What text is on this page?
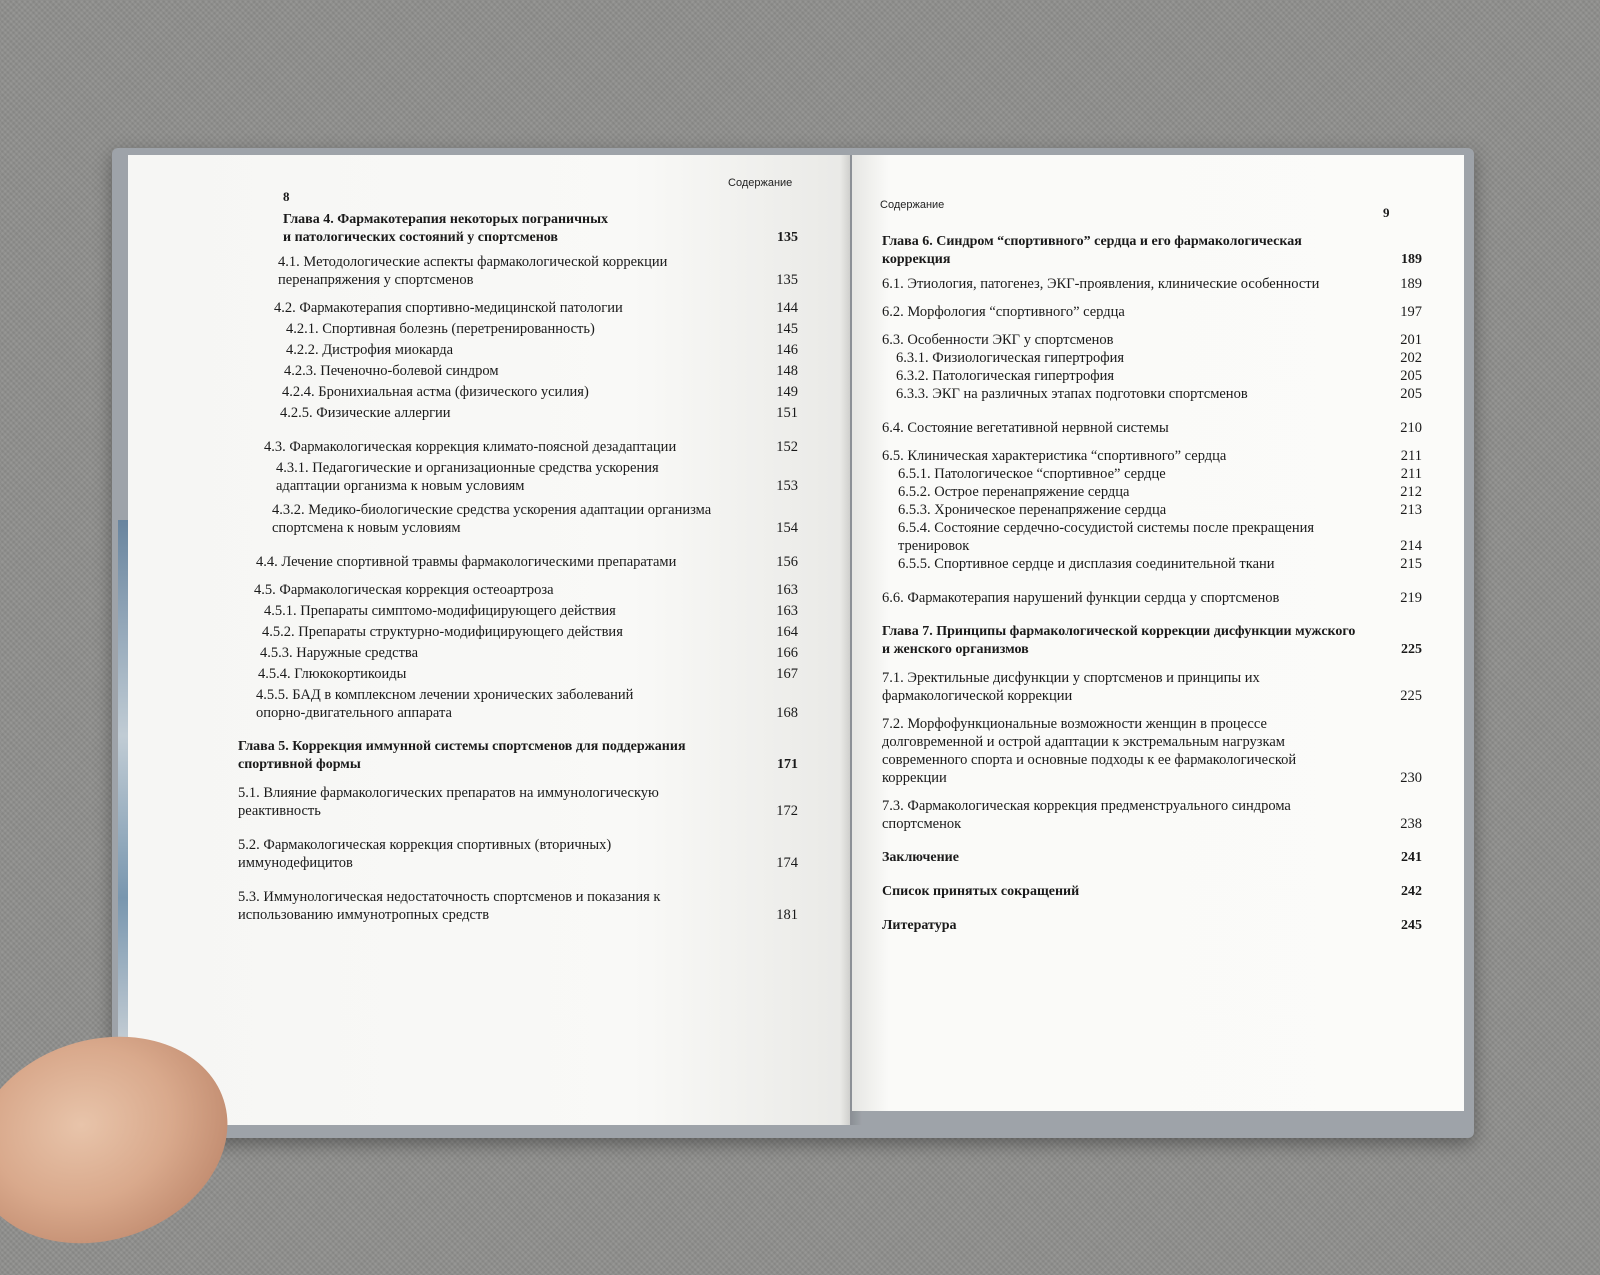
8
Содержание
Глава 4. Фармакотерапия некоторых пограничных
и патологических состояний у спортсменов	135
4.1. Методологические аспекты фармакологической коррекции
перенапряжения у спортсменов	135
4.2. Фармакотерапия спортивно-медицинской патологии	144
4.2.1. Спортивная болезнь (перетренированность)	145
4.2.2. Дистрофия миокарда	146
4.2.3. Печеночно-болевой синдром	148
4.2.4. Бронихиальная астма (физического усилия)	149
4.2.5. Физические аллергии	151
4.3. Фармакологическая коррекция климато-поясной дезадаптации	152
4.3.1. Педагогические и организационные средства ускорения
адаптации организма к новым условиям	153
4.3.2. Медико-биологические средства ускорения адаптации организма
спортсмена к новым условиям	154
4.4. Лечение спортивной травмы фармакологическими препаратами	156
4.5. Фармакологическая коррекция остеоартроза	163
4.5.1. Препараты симптомо-модифицирующего действия	163
4.5.2. Препараты структурно-модифицирующего действия	164
4.5.3. Наружные средства	166
4.5.4. Глюкокортикоиды	167
4.5.5. БАД в комплексном лечении хронических заболеваний
опорно-двигательного аппарата	168
Глава 5. Коррекция иммунной системы спортсменов для поддержания
спортивной формы	171
5.1. Влияние фармакологических препаратов на иммунологическую
реактивность	172
5.2. Фармакологическая коррекция спортивных (вторичных)
иммунодефицитов	174
5.3. Иммунологическая недостаточность спортсменов и показания к
использованию иммунотропных средств	181
Содержание	9
Глава 6. Синдром “спортивного” сердца и его фармакологическая
коррекция	189
6.1. Этиология, патогенез, ЭКГ-проявления, клинические особенности	189
6.2. Морфология “спортивного” сердца	197
6.3. Особенности ЭКГ у спортсменов	201
6.3.1. Физиологическая гипертрофия	202
6.3.2. Патологическая гипертрофия	205
6.3.3. ЭКГ на различных этапах подготовки спортсменов	205
6.4. Состояние вегетативной нервной системы	210
6.5. Клиническая характеристика “спортивного” сердца	211
6.5.1. Патологическое “спортивное” сердце	211
6.5.2. Острое перенапряжение сердца	212
6.5.3. Хроническое перенапряжение сердца	213
6.5.4. Состояние сердечно-сосудистой системы после прекращения
тренировок	214
6.5.5. Спортивное сердце и дисплазия соединительной ткани	215
6.6. Фармакотерапия нарушений функции сердца у спортсменов	219
Глава 7. Принципы фармакологической коррекции дисфункции мужского
и женского организмов	225
7.1. Эректильные дисфункции у спортсменов и принципы их
фармакологической коррекции	225
7.2. Морфофункциональные возможности женщин в процессе
долговременной и острой адаптации к экстремальным нагрузкам
современного спорта и основные подходы к ее фармакологической
коррекции	230
7.3. Фармакологическая коррекция предменструального синдрома
спортсменок	238
Заключение	241
Список принятых сокращений	242
Литература	245
